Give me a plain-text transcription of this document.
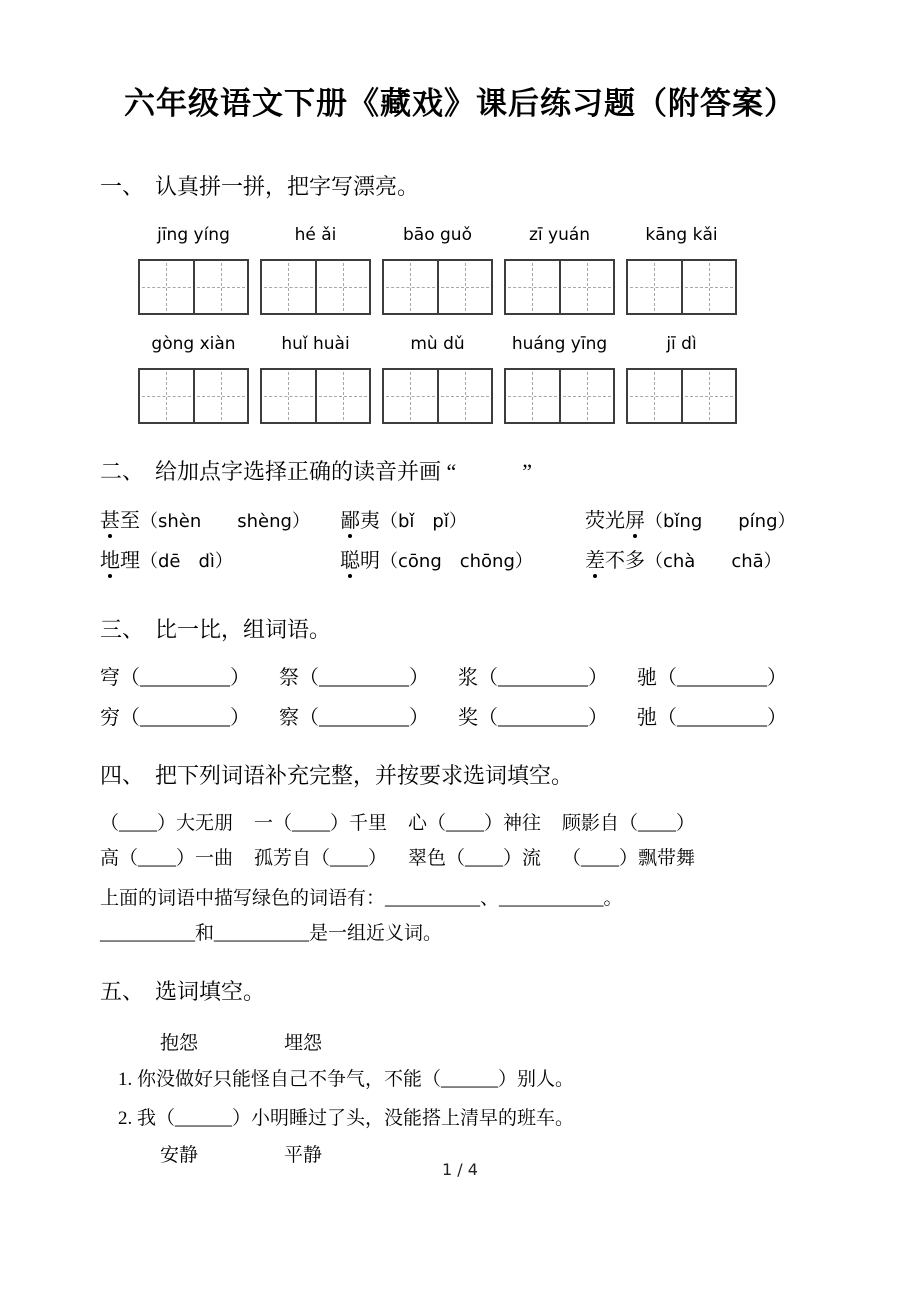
六年级语文下册《藏戏》课后练习题（附答案）
一、　认真拼一拼，把字写漂亮。
jīng yíng	hé ǎi	bāo guǒ	zī yuán	kāng kǎi
gòng xiàn	huǐ huài	mù dǔ	huáng yīng	jī dì
二、　给加点字选择正确的读音并画 “　　　”
甚至（shèn　　shèng）	鄙夷（bǐ　pǐ）	荧光屏（bǐng　　píng）
地理（dē　dì）	聪明（cōng　chōng）	差不多（chà　　chā）
三、　比一比，组词语。
穹（_________）	祭（_________）	浆（_________）	驰（_________）
穷（_________）	察（_________）	奖（_________）	弛（_________）
四、　把下列词语补充完整，并按要求选词填空。
（____）大无朋 一（____）千里 心（____）神往 顾影自（____）
高（____）一曲 孤芳自（____） 翠色（____）流 （____）飘带舞

上面的词语中描写绿色的词语有：__________、___________。

__________和__________是一组近义词。

五、　选词填空。
抱怨	埋怨

1. 你没做好只能怪自己不争气，不能（______）别人。

2. 我（______）小明睡过了头，没能搭上清早的班车。

安静	平静
1 / 4
